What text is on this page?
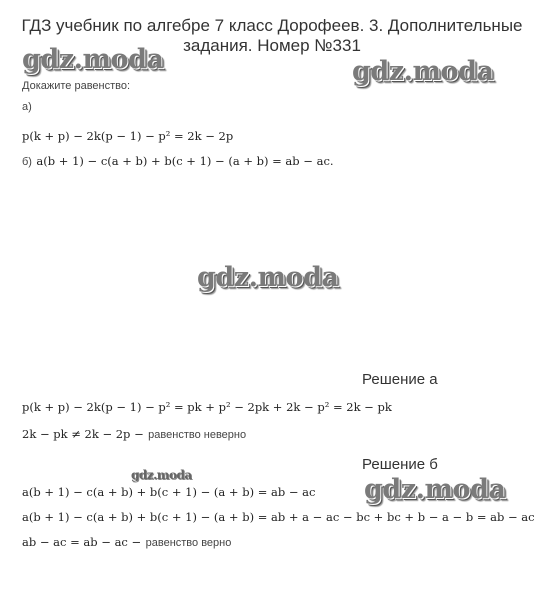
ГДЗ учебник по алгебре 7 класс Дорофеев. 3. Дополнительные
задания. Номер №331
gdz.moda	gdz.moda
Докажите равенство:
а)
p(k + p) − 2k(p − 1) − p² = 2k − 2p
б) a(b + 1) − c(a + b) + b(c + 1) − (a + b) = ab − ac.
gdz.moda
Решение а
p(k + p) − 2k(p − 1) − p² = pk + p² − 2pk + 2k − p² = 2k − pk
2k − pk ≠ 2k − 2p − равенство неверно
Решение б
gdz.moda
a(b + 1) − c(a + b) + b(c + 1) − (a + b) = ab − ac gdz.moda
a(b + 1) − c(a + b) + b(c + 1) − (a + b) = ab + a − ac − bc + bc + b − a − b = ab − ac
ab − ac = ab − ac − равенство верно
